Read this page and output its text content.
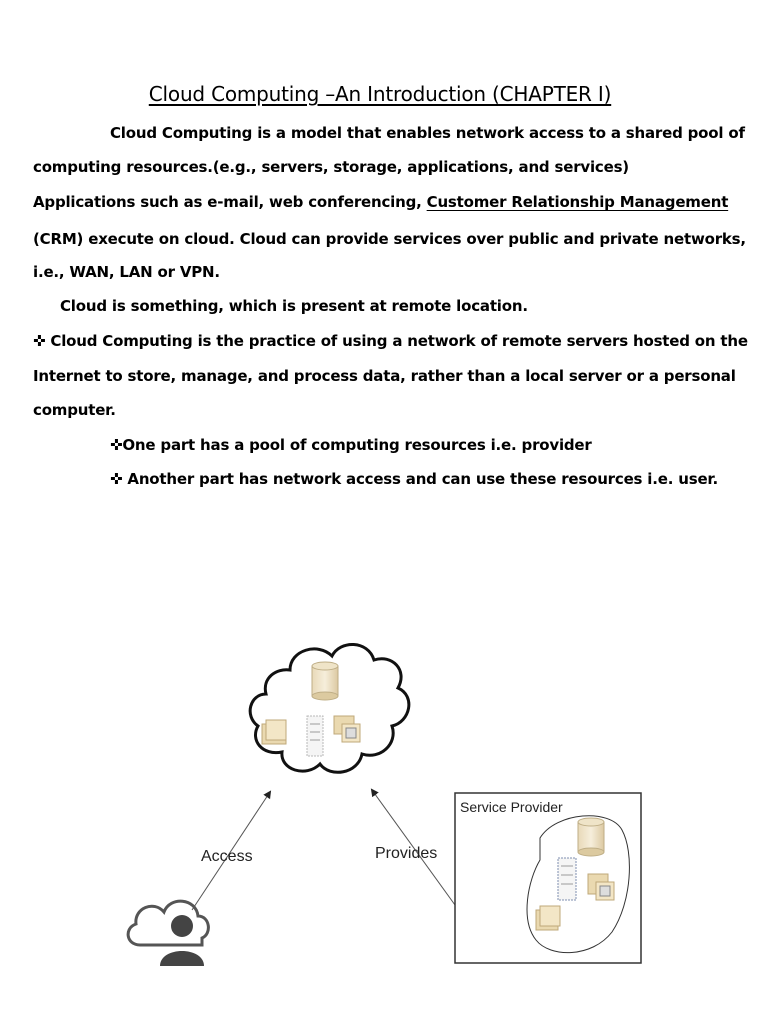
Cloud Computing –An Introduction (CHAPTER I)
Cloud Computing is a model that enables network access to a shared pool of
computing resources.(e.g., servers, storage, applications, and services)
Applications such as e-mail, web conferencing, Customer Relationship Management
(CRM) execute on cloud. Cloud can provide services over public and private networks,
i.e., WAN, LAN or VPN.
Cloud is something, which is present at remote location.
✜ Cloud Computing is the practice of using a network of remote servers hosted on the
Internet to store, manage, and process data, rather than a local server or a personal
computer.
✜One part has a pool of computing resources i.e. provider
✜ Another part has network access and can use these resources i.e. user.
Access	Provides
Service Provider
